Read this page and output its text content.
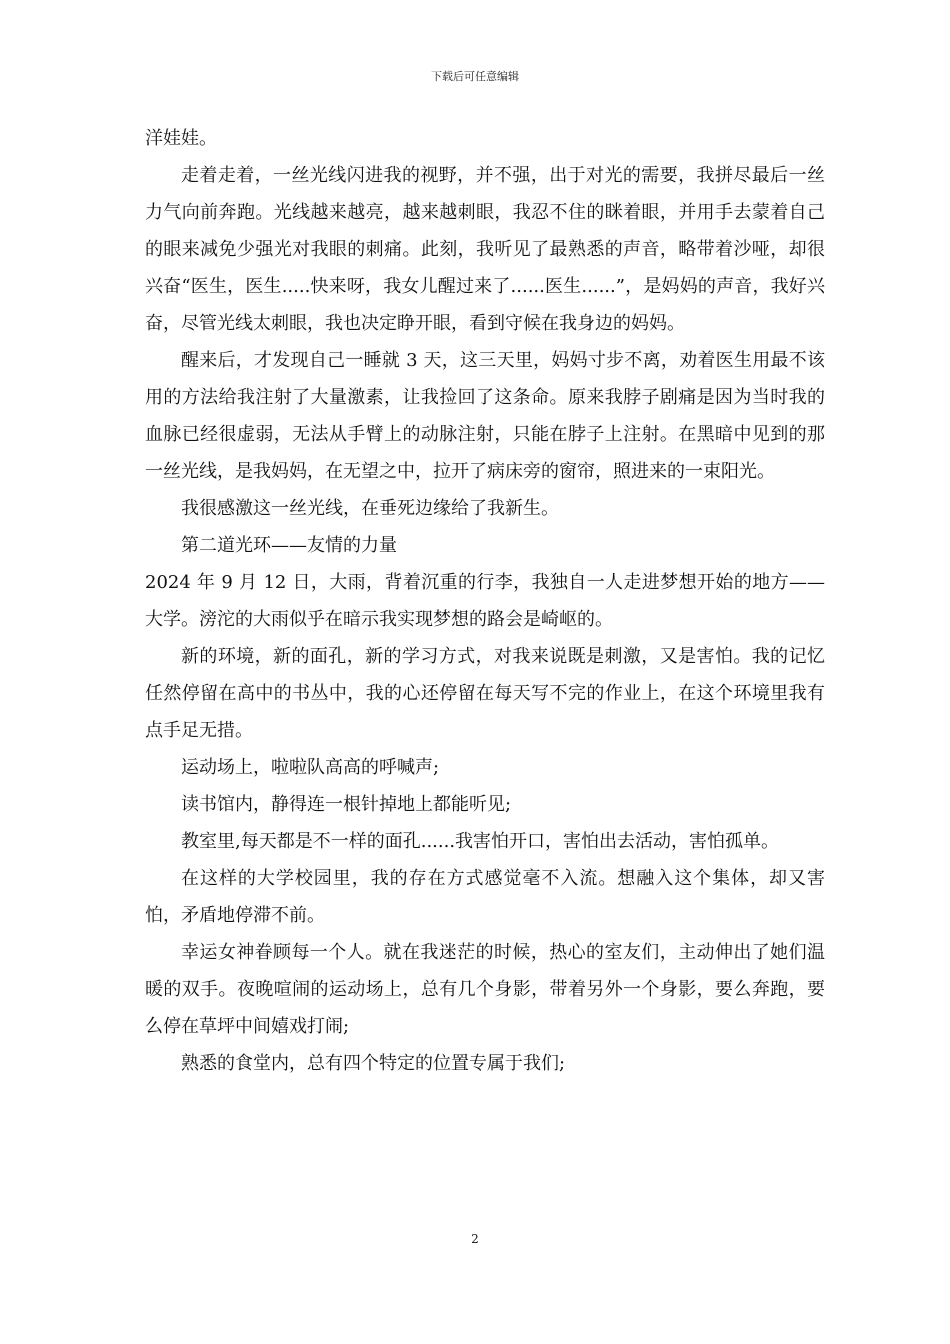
下载后可任意编辑

洋娃娃。

走着走着，一丝光线闪进我的视野，并不强，出于对光的需要，我拼尽最后一丝力气向前奔跑。光线越来越亮，越来越刺眼，我忍不住的眯着眼，并用手去蒙着自己的眼来减免少强光对我眼的刺痛。此刻，我听见了最熟悉的声音，略带着沙哑，却很兴奋“医生，医生.....快来呀，我女儿醒过来了......医生......”，是妈妈的声音，我好兴奋，尽管光线太刺眼，我也决定睁开眼，看到守候在我身边的妈妈。

醒来后，才发现自己一睡就 3 天，这三天里，妈妈寸步不离，劝着医生用最不该用的方法给我注射了大量激素，让我捡回了这条命。原来我脖子剧痛是因为当时我的血脉已经很虚弱，无法从手臂上的动脉注射，只能在脖子上注射。在黑暗中见到的那一丝光线，是我妈妈，在无望之中，拉开了病床旁的窗帘，照进来的一束阳光。

我很感激这一丝光线，在垂死边缘给了我新生。

第二道光环——友情的力量

2024 年 9 月 12 日，大雨，背着沉重的行李，我独自一人走进梦想开始的地方——大学。滂沱的大雨似乎在暗示我实现梦想的路会是崎岖的。

新的环境，新的面孔，新的学习方式，对我来说既是刺激，又是害怕。我的记忆任然停留在高中的书丛中，我的心还停留在每天写不完的作业上，在这个环境里我有点手足无措。

运动场上，啦啦队高高的呼喊声;

读书馆内，静得连一根针掉地上都能听见;

教室里,每天都是不一样的面孔......我害怕开口，害怕出去活动，害怕孤单。

在这样的大学校园里，我的存在方式感觉毫不入流。想融入这个集体，却又害怕，矛盾地停滞不前。

幸运女神眷顾每一个人。就在我迷茫的时候，热心的室友们，主动伸出了她们温暖的双手。夜晚喧闹的运动场上，总有几个身影，带着另外一个身影，要么奔跑，要么停在草坪中间嬉戏打闹;

熟悉的食堂内，总有四个特定的位置专属于我们;

2
